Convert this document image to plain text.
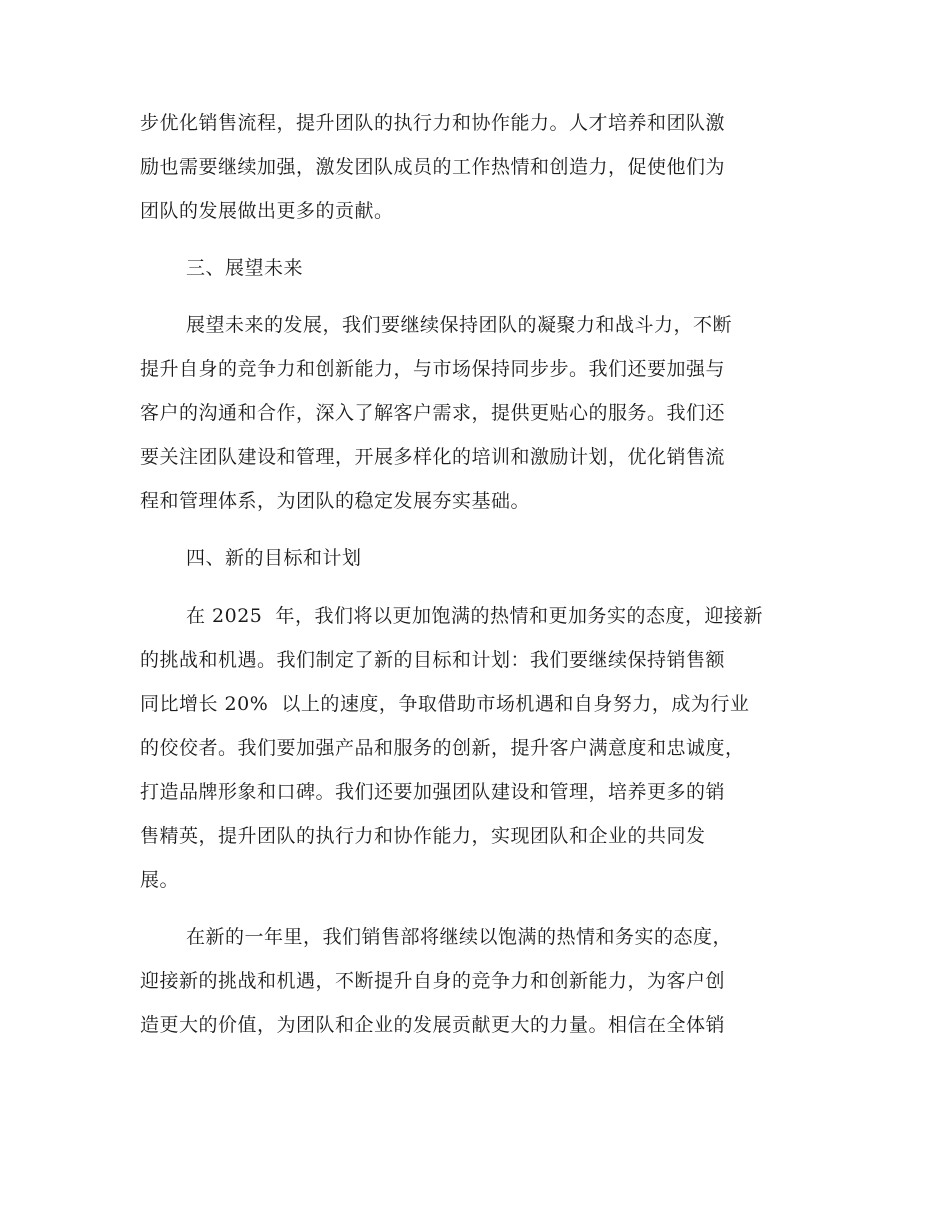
步优化销售流程，提升团队的执行力和协作能力。人才培养和团队激
励也需要继续加强，激发团队成员的工作热情和创造力，促使他们为
团队的发展做出更多的贡献。
三、展望未来
展望未来的发展，我们要继续保持团队的凝聚力和战斗力，不断
提升自身的竞争力和创新能力，与市场保持同步步。我们还要加强与
客户的沟通和合作，深入了解客户需求，提供更贴心的服务。我们还
要关注团队建设和管理，开展多样化的培训和激励计划，优化销售流
程和管理体系，为团队的稳定发展夯实基础。
四、新的目标和计划
在 2025  年，我们将以更加饱满的热情和更加务实的态度，迎接新
的挑战和机遇。我们制定了新的目标和计划：我们要继续保持销售额
同比增长 20%  以上的速度，争取借助市场机遇和自身努力，成为行业
的佼佼者。我们要加强产品和服务的创新，提升客户满意度和忠诚度，
打造品牌形象和口碑。我们还要加强团队建设和管理，培养更多的销
售精英，提升团队的执行力和协作能力，实现团队和企业的共同发
展。
在新的一年里，我们销售部将继续以饱满的热情和务实的态度，
迎接新的挑战和机遇，不断提升自身的竞争力和创新能力，为客户创
造更大的价值，为团队和企业的发展贡献更大的力量。相信在全体销
